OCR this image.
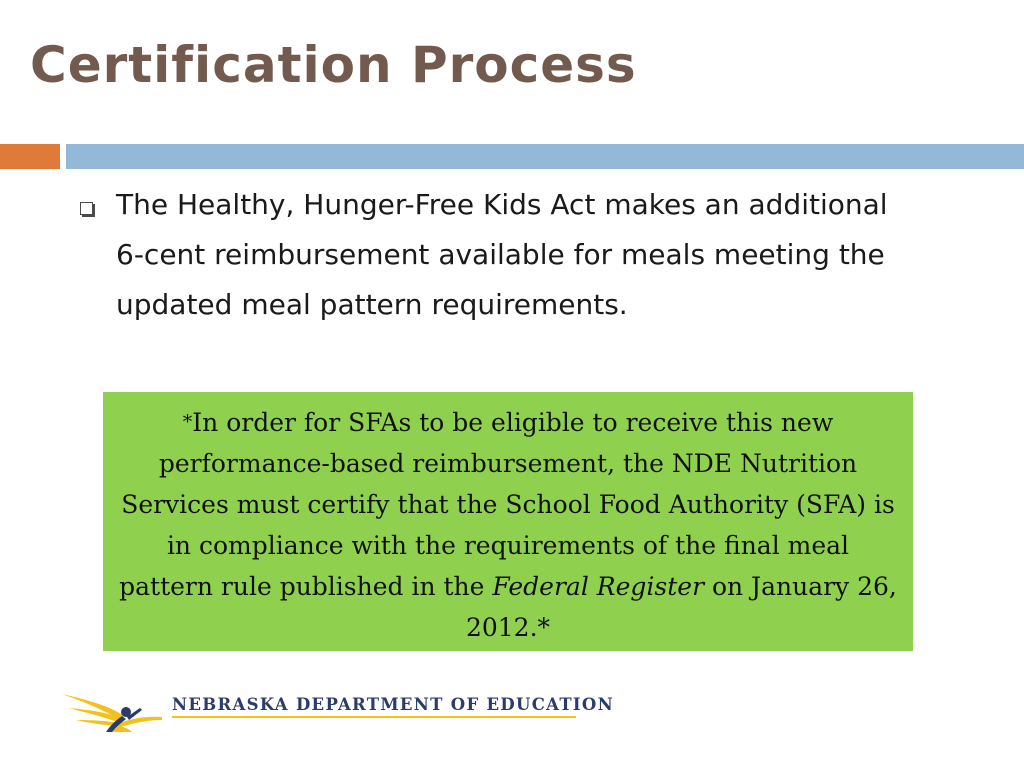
Certification Process

The Healthy, Hunger-Free Kids Act makes an additional 6-cent reimbursement available for meals meeting the updated meal pattern requirements.

*In order for SFAs to be eligible to receive this new performance-based reimbursement, the NDE Nutrition Services must certify that the School Food Authority (SFA) is in compliance with the requirements of the final meal pattern rule published in the Federal Register on January 26, 2012.*
NEBRASKA DEPARTMENT OF EDUCATION
